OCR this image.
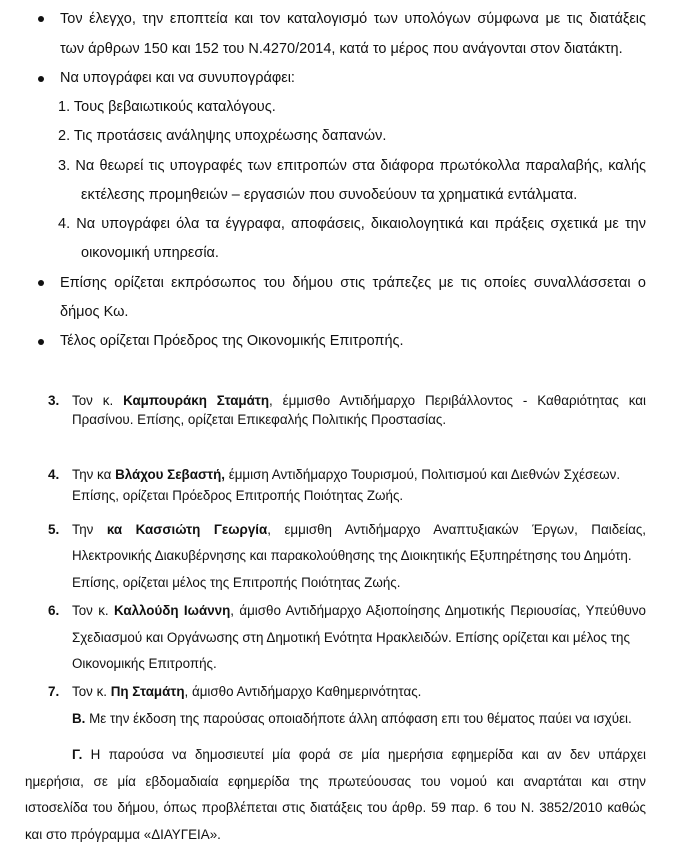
Τον έλεγχο, την εποπτεία και τον καταλογισμό των υπολόγων σύμφωνα με τις διατάξεις
των άρθρων 150 και 152 του Ν.4270/2014, κατά το μέρος που ανάγονται στον διατάκτη.
Να υπογράφει και να συνυπογράφει:
1. Τους βεβαιωτικούς καταλόγους.
2. Τις προτάσεις ανάληψης υποχρέωσης δαπανών.
3. Να θεωρεί τις υπογραφές των επιτροπών στα διάφορα πρωτόκολλα παραλαβής, καλής
εκτέλεσης προμηθειών – εργασιών που συνοδεύουν τα χρηματικά εντάλματα.
4. Να υπογράφει όλα τα έγγραφα, αποφάσεις, δικαιολογητικά και πράξεις σχετικά με την
οικονομική υπηρεσία.
Επίσης ορίζεται εκπρόσωπος του δήμου στις τράπεζες με τις οποίες συναλλάσσεται ο
δήμος Κω.
Τέλος ορίζεται Πρόεδρος της Οικονομικής Επιτροπής.
3. Τον κ. Καμπουράκη Σταμάτη, έμμισθο Αντιδήμαρχο Περιβάλλοντος - Καθαριότητας και
Πρασίνου. Επίσης, ορίζεται Επικεφαλής Πολιτικής Προστασίας.
4. Την κα Βλάχου Σεβαστή, έμμιση Αντιδήμαρχο Τουρισμού, Πολιτισμού και Διεθνών Σχέσεων.
Επίσης, ορίζεται Πρόεδρος Επιτροπής Ποιότητας Ζωής.
5. Την κα Κασσιώτη Γεωργία, εμμισθη Αντιδήμαρχο Αναπτυξιακών Έργων, Παιδείας,
Ηλεκτρονικής Διακυβέρνησης και παρακολούθησης της Διοικητικής Εξυπηρέτησης του Δημότη.
Επίσης, ορίζεται μέλος της Επιτροπής Ποιότητας Ζωής.
6. Τον κ. Καλλούδη Ιωάννη, άμισθο Αντιδήμαρχο Αξιοποίησης Δημοτικής Περιουσίας, Υπεύθυνο
Σχεδιασμού και Οργάνωσης στη Δημοτική Ενότητα Ηρακλειδών. Επίσης ορίζεται και μέλος της
Οικονομικής Επιτροπής.
7. Τον κ. Πη Σταμάτη, άμισθο Αντιδήμαρχο Καθημερινότητας.
Β. Με την έκδοση της παρούσας οποιαδήποτε άλλη απόφαση επι του θέματος παύει να ισχύει.
Γ. Η παρούσα να δημοσιευτεί μία φορά σε μία ημερήσια εφημερίδα και αν δεν υπάρχει
ημερήσια, σε μία εβδομαδιαία εφημερίδα της πρωτεύουσας του νομού και αναρτάται και στην
ιστοσελίδα του δήμου, όπως προβλέπεται στις διατάξεις του άρθρ. 59 παρ. 6 του Ν. 3852/2010 καθώς
και στο πρόγραμμα «ΔΙΑΥΓΕΙΑ».
